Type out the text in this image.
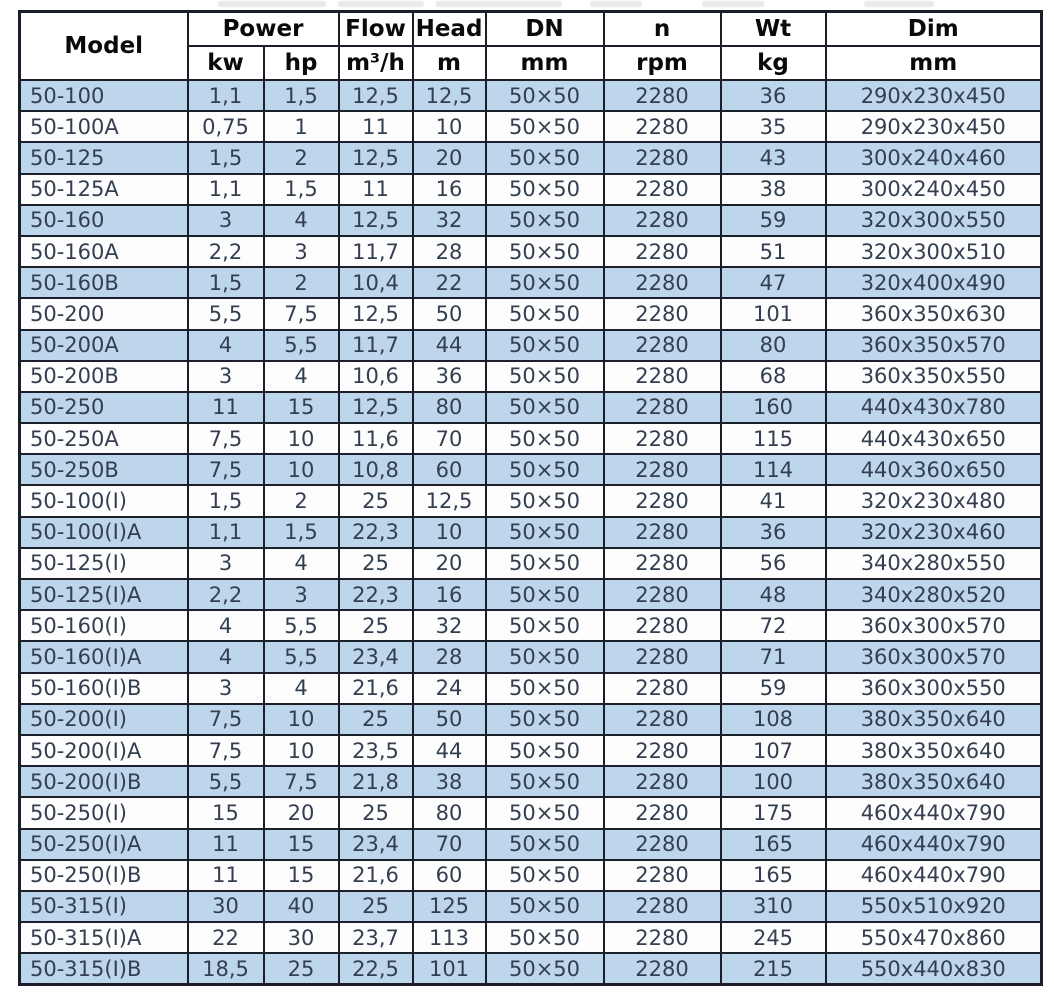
Model	Power		Flow	Head	DN	n	Wt	Dim
	kw	hp	m³/h	m	mm	rpm	kg	mm
50-100	1,1	1,5	12,5	12,5	50×50	2280	36	290x230x450
50-100A	0,75	1	11	10	50×50	2280	35	290x230x450
50-125	1,5	2	12,5	20	50×50	2280	43	300x240x460
50-125A	1,1	1,5	11	16	50×50	2280	38	300x240x450
50-160	3	4	12,5	32	50×50	2280	59	320x300x550
50-160A	2,2	3	11,7	28	50×50	2280	51	320x300x510
50-160B	1,5	2	10,4	22	50×50	2280	47	320x400x490
50-200	5,5	7,5	12,5	50	50×50	2280	101	360x350x630
50-200A	4	5,5	11,7	44	50×50	2280	80	360x350x570
50-200B	3	4	10,6	36	50×50	2280	68	360x350x550
50-250	11	15	12,5	80	50×50	2280	160	440x430x780
50-250A	7,5	10	11,6	70	50×50	2280	115	440x430x650
50-250B	7,5	10	10,8	60	50×50	2280	114	440x360x650
50-100(I)	1,5	2	25	12,5	50×50	2280	41	320x230x480
50-100(I)A	1,1	1,5	22,3	10	50×50	2280	36	320x230x460
50-125(I)	3	4	25	20	50×50	2280	56	340x280x550
50-125(I)A	2,2	3	22,3	16	50×50	2280	48	340x280x520
50-160(I)	4	5,5	25	32	50×50	2280	72	360x300x570
50-160(I)A	4	5,5	23,4	28	50×50	2280	71	360x300x570
50-160(I)B	3	4	21,6	24	50×50	2280	59	360x300x550
50-200(I)	7,5	10	25	50	50×50	2280	108	380x350x640
50-200(I)A	7,5	10	23,5	44	50×50	2280	107	380x350x640
50-200(I)B	5,5	7,5	21,8	38	50×50	2280	100	380x350x640
50-250(I)	15	20	25	80	50×50	2280	175	460x440x790
50-250(I)A	11	15	23,4	70	50×50	2280	165	460x440x790
50-250(I)B	11	15	21,6	60	50×50	2280	165	460x440x790
50-315(I)	30	40	25	125	50×50	2280	310	550x510x920
50-315(I)A	22	30	23,7	113	50×50	2280	245	550x470x860
50-315(I)B	18,5	25	22,5	101	50×50	2280	215	550x440x830
